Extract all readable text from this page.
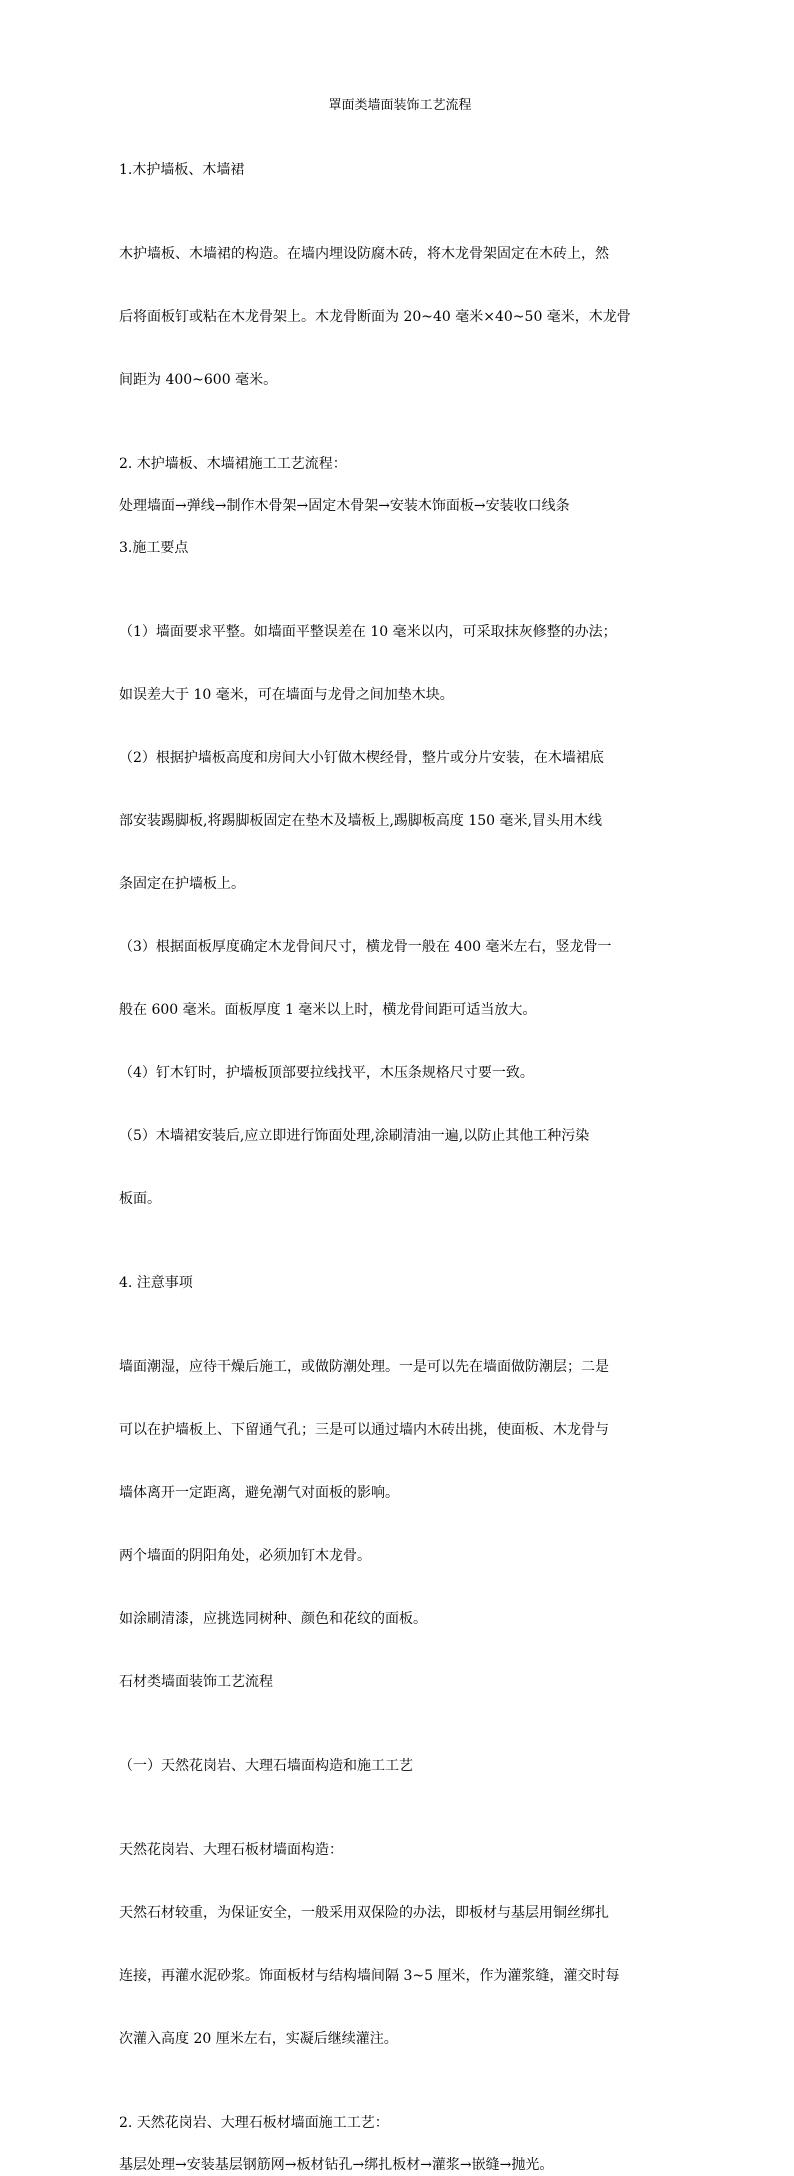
罩面类墙面装饰工艺流程
1.木护墙板、木墙裙

木护墙板、木墙裙的构造。在墙内埋设防腐木砖，将木龙骨架固定在木砖上，然

后将面板钉或粘在木龙骨架上。木龙骨断面为 20~40 毫米×40~50 毫米，木龙骨

间距为 400~600 毫米。

2. 木护墙板、木墙裙施工工艺流程：
处理墙面→弹线→制作木骨架→固定木骨架→安装木饰面板→安装收口线条
3.施工要点

（1）墙面要求平整。如墙面平整误差在 10 毫米以内，可采取抹灰修整的办法；

如误差大于 10 毫米，可在墙面与龙骨之间加垫木块。

（2）根据护墙板高度和房间大小钉做木楔经骨，整片或分片安装，在木墙裙底

部安装踢脚板,将踢脚板固定在垫木及墙板上,踢脚板高度 150 毫米,冒头用木线

条固定在护墙板上。

（3）根据面板厚度确定木龙骨间尺寸，横龙骨一般在 400 毫米左右，竖龙骨一

般在 600 毫米。面板厚度 1 毫米以上时，横龙骨间距可适当放大。

（4）钉木钉时，护墙板顶部要拉线找平，木压条规格尺寸要一致。

（5）木墙裙安装后,应立即进行饰面处理,涂刷清油一遍,以防止其他工种污染

板面。

4. 注意事项

墙面潮湿，应待干燥后施工，或做防潮处理。一是可以先在墙面做防潮层；二是

可以在护墙板上、下留通气孔；三是可以通过墙内木砖出挑，使面板、木龙骨与

墙体离开一定距离，避免潮气对面板的影响。

两个墙面的阴阳角处，必须加钉木龙骨。

如涂刷清漆，应挑选同树种、颜色和花纹的面板。

石材类墙面装饰工艺流程

（一）天然花岗岩、大理石墙面构造和施工工艺

天然花岗岩、大理石板材墙面构造：

天然石材较重，为保证安全，一般采用双保险的办法，即板材与基层用铜丝绑扎

连接，再灌水泥砂浆。饰面板材与结构墙间隔 3~5 厘米，作为灌浆缝，灌交时每

次灌入高度 20 厘米左右，实凝后继续灌注。

2. 天然花岗岩、大理石板材墙面施工工艺：
基层处理→安装基层钢筋网→板材钻孔→绑扎板材→灌浆→嵌缝→抛光。
